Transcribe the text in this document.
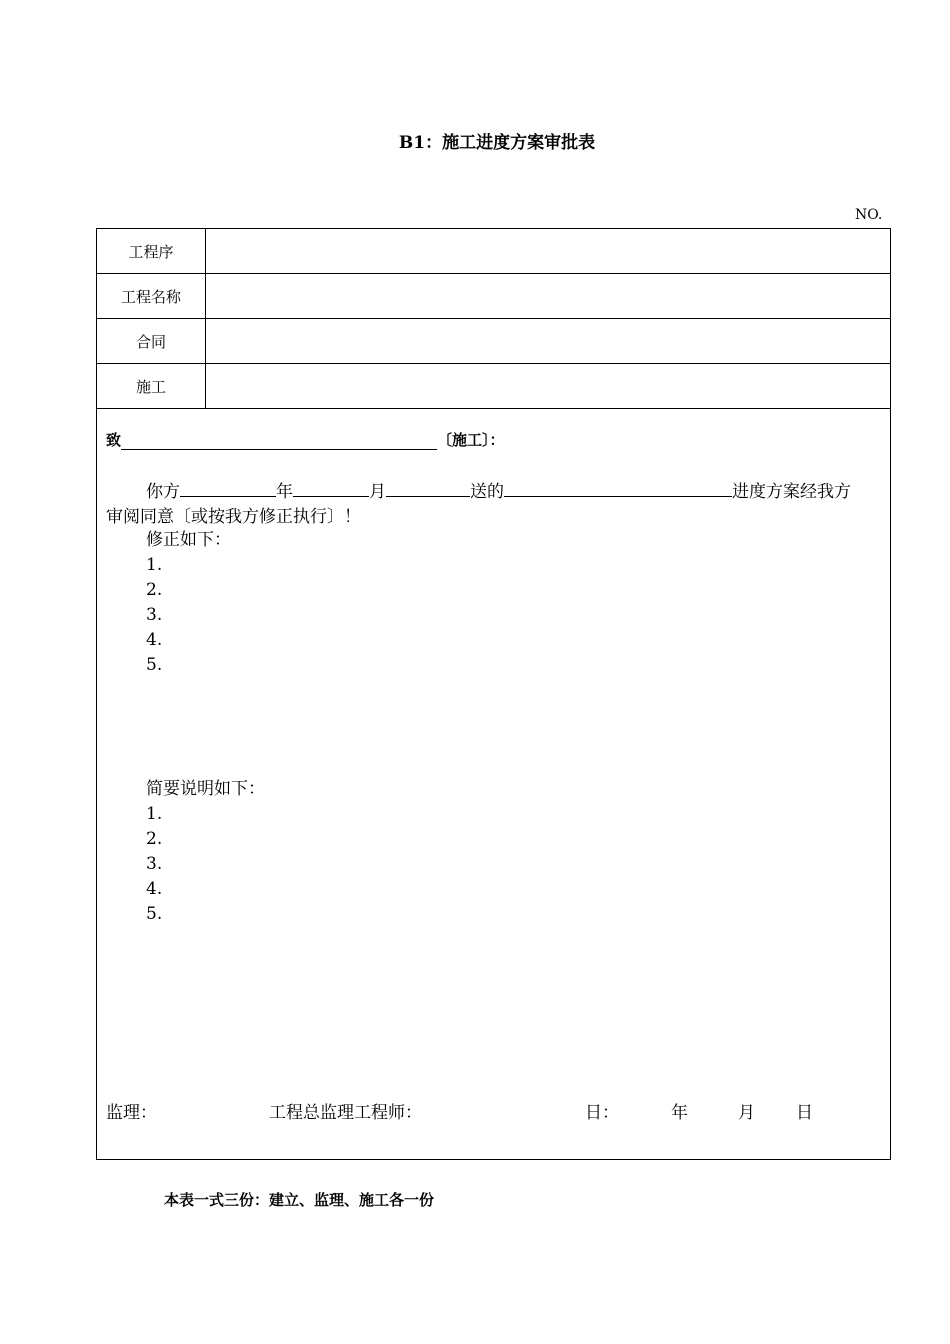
B1：施工进度方案审批表
NO.
工程序
工程名称
合同
施工
致	〔施工〕：
你方	年	月	送的	进度方案经我方
审阅同意〔或按我方修正执行〕！
修正如下：
1.
2.
3.
4.
5.
简要说明如下：
1.
2.
3.
4.
5.
监理：	工程总监理工程师：	日：	年	月 日
本表一式三份：建立、监理、施工各一份
